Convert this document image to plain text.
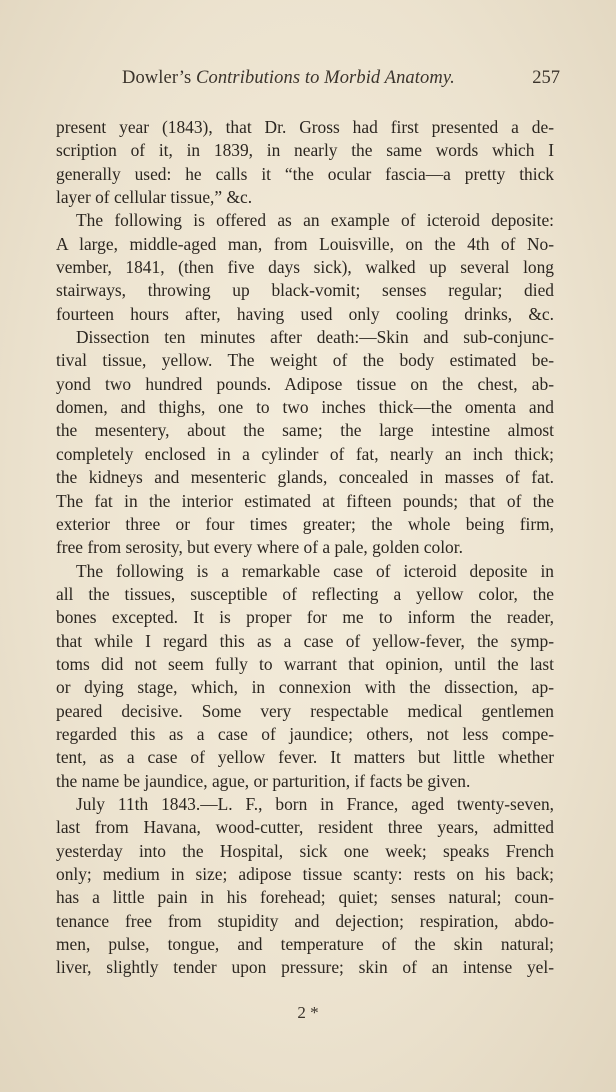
Dowler’s Contributions to Morbid Anatomy.	257
present year (1843), that Dr. Gross had first presented a de-
scription of it, in 1839, in nearly the same words which I
generally used: he calls it “the ocular fascia—a pretty thick
layer of cellular tissue,” &c.
The following is offered as an example of icteroid deposite:
A large, middle-aged man, from Louisville, on the 4th of No-
vember, 1841, (then five days sick), walked up several long
stairways, throwing up black-vomit; senses regular; died
fourteen hours after, having used only cooling drinks, &c.
Dissection ten minutes after death:—Skin and sub-conjunc-
tival tissue, yellow. The weight of the body estimated be-
yond two hundred pounds. Adipose tissue on the chest, ab-
domen, and thighs, one to two inches thick—the omenta and
the mesentery, about the same; the large intestine almost
completely enclosed in a cylinder of fat, nearly an inch thick;
the kidneys and mesenteric glands, concealed in masses of fat.
The fat in the interior estimated at fifteen pounds; that of the
exterior three or four times greater; the whole being firm,
free from serosity, but every where of a pale, golden color.
The following is a remarkable case of icteroid deposite in
all the tissues, susceptible of reflecting a yellow color, the
bones excepted. It is proper for me to inform the reader,
that while I regard this as a case of yellow-fever, the symp-
toms did not seem fully to warrant that opinion, until the last
or dying stage, which, in connexion with the dissection, ap-
peared decisive. Some very respectable medical gentlemen
regarded this as a case of jaundice; others, not less compe-
tent, as a case of yellow fever. It matters but little whether
the name be jaundice, ague, or parturition, if facts be given.
July 11th 1843.—L. F., born in France, aged twenty-seven,
last from Havana, wood-cutter, resident three years, admitted
yesterday into the Hospital, sick one week; speaks French
only; medium in size; adipose tissue scanty: rests on his back;
has a little pain in his forehead; quiet; senses natural; coun-
tenance free from stupidity and dejection; respiration, abdo-
men, pulse, tongue, and temperature of the skin natural;
liver, slightly tender upon pressure; skin of an intense yel-
2 *
